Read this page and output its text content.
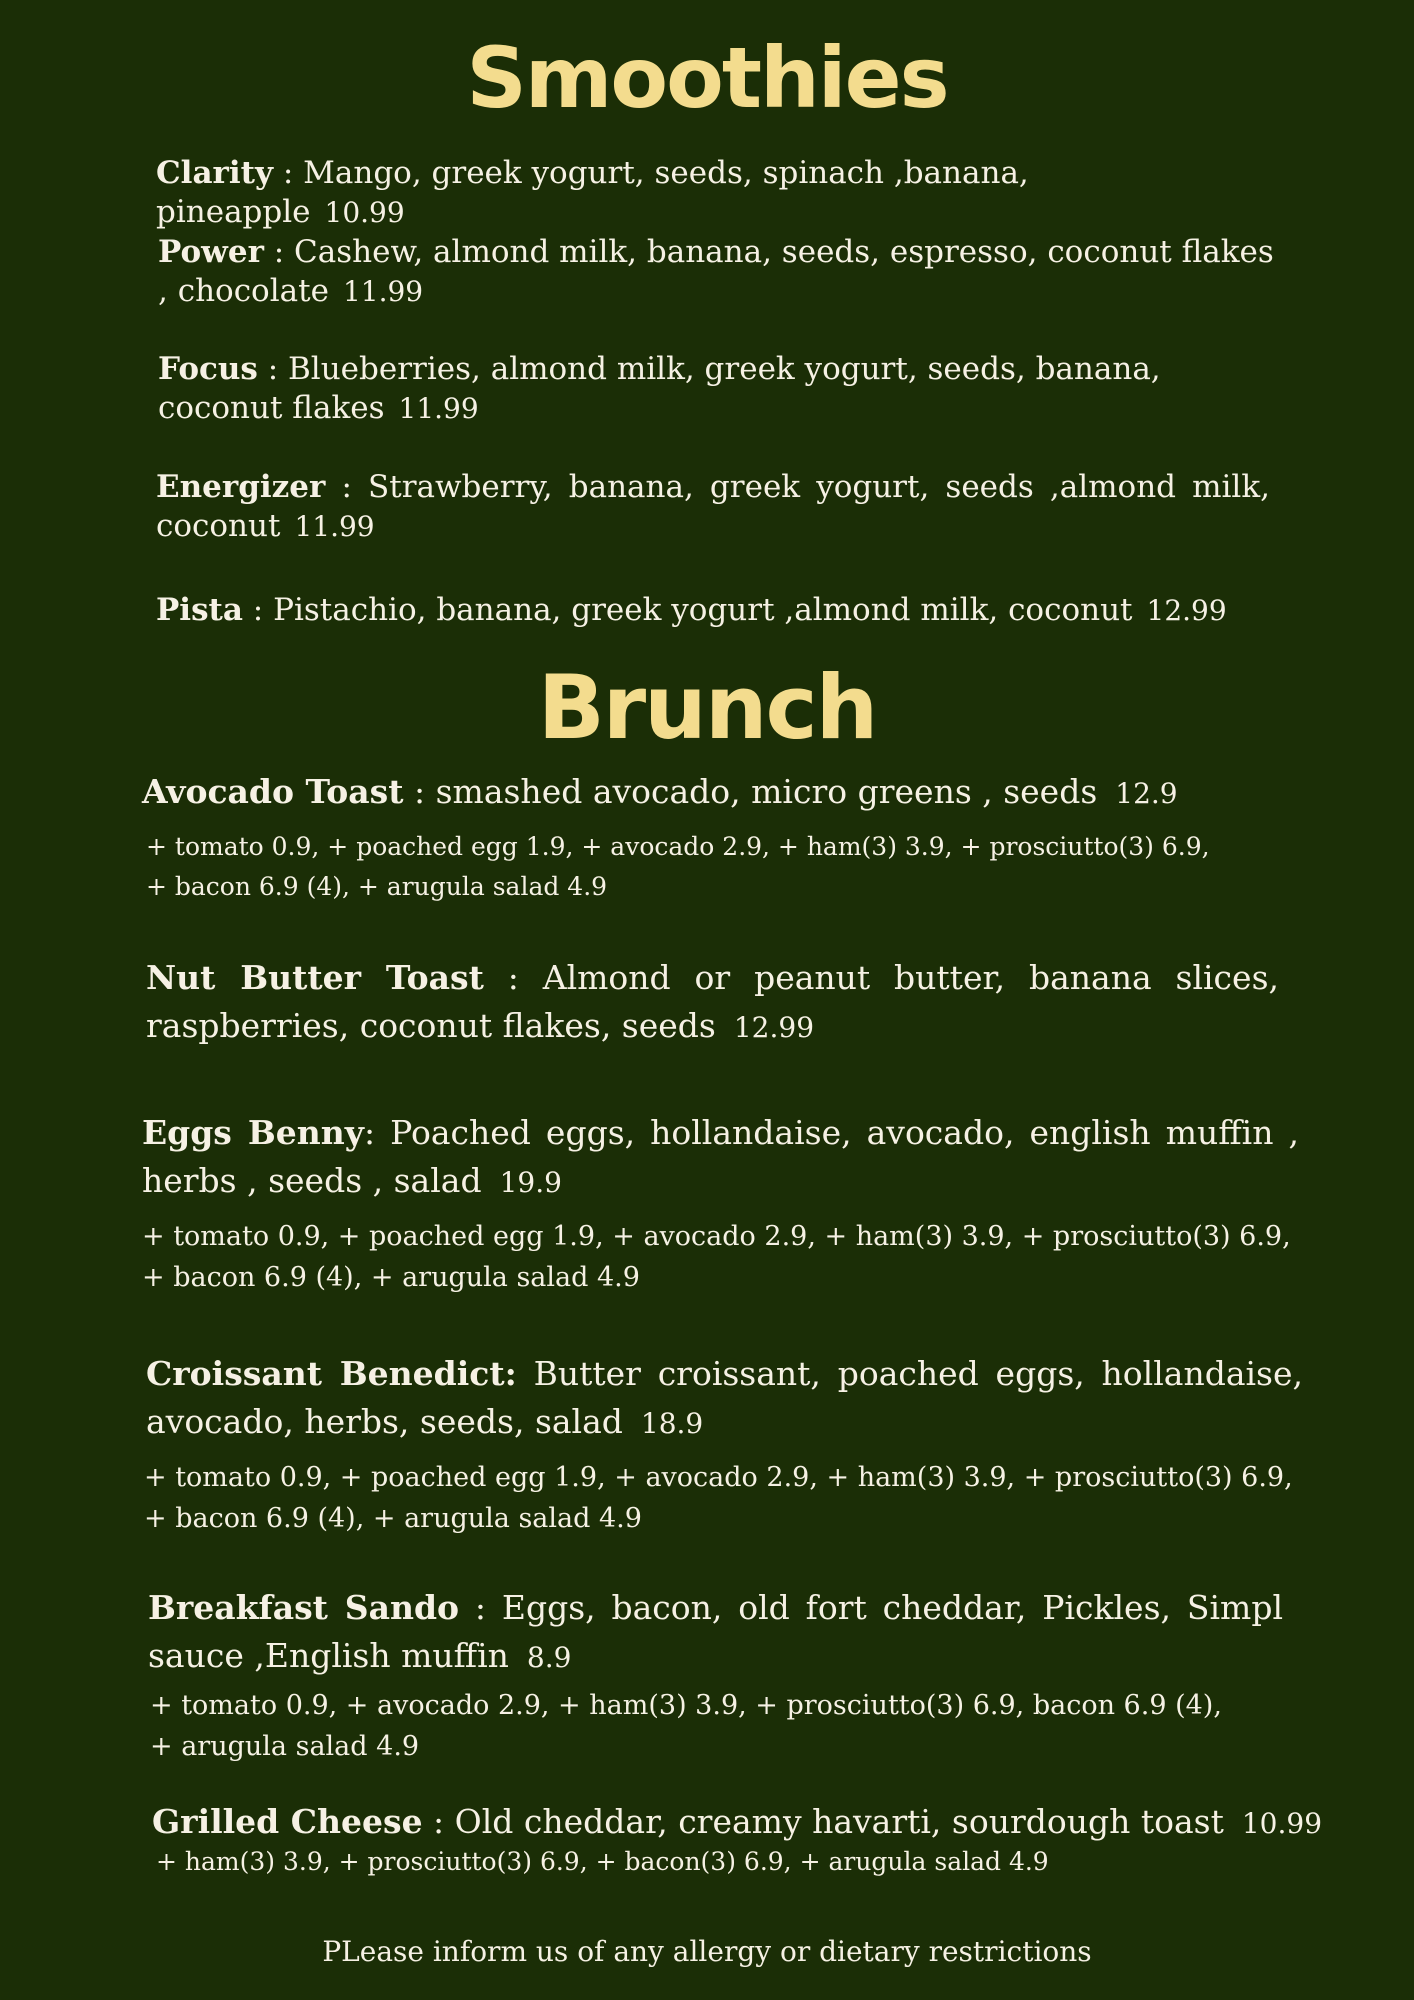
Smoothies

Clarity : Mango, greek yogurt, seeds, spinach ,banana, pineapple 10.99

Power : Cashew, almond milk, banana, seeds, espresso, coconut flakes , chocolate 11.99

Focus : Blueberries, almond milk, greek yogurt, seeds, banana, coconut flakes 11.99

Energizer : Strawberry, banana, greek yogurt, seeds ,almond milk, coconut 11.99

Pista : Pistachio, banana, greek yogurt ,almond milk, coconut 12.99

Brunch

Avocado Toast : smashed avocado, micro greens , seeds 12.9

+ tomato 0.9, + poached egg 1.9, + avocado 2.9, + ham(3) 3.9, + prosciutto(3) 6.9,
+ bacon 6.9 (4), + arugula salad 4.9

Nut Butter Toast : Almond or peanut butter, banana slices, raspberries, coconut flakes, seeds 12.99

Eggs Benny: Poached eggs, hollandaise, avocado, english muffin , herbs , seeds , salad 19.9

+ tomato 0.9, + poached egg 1.9, + avocado 2.9, + ham(3) 3.9, + prosciutto(3) 6.9,
+ bacon 6.9 (4), + arugula salad 4.9

Croissant Benedict: Butter croissant, poached eggs, hollandaise, avocado, herbs, seeds, salad 18.9

+ tomato 0.9, + poached egg 1.9, + avocado 2.9, + ham(3) 3.9, + prosciutto(3) 6.9,
+ bacon 6.9 (4), + arugula salad 4.9

Breakfast Sando : Eggs, bacon, old fort cheddar, Pickles, Simpl sauce ,English muffin 8.9

+ tomato 0.9, + avocado 2.9, + ham(3) 3.9, + prosciutto(3) 6.9, bacon 6.9 (4),
+ arugula salad 4.9

Grilled Cheese : Old cheddar, creamy havarti, sourdough toast 10.99

+ ham(3) 3.9, + prosciutto(3) 6.9, + bacon(3) 6.9, + arugula salad 4.9

PLease inform us of any allergy or dietary restrictions
